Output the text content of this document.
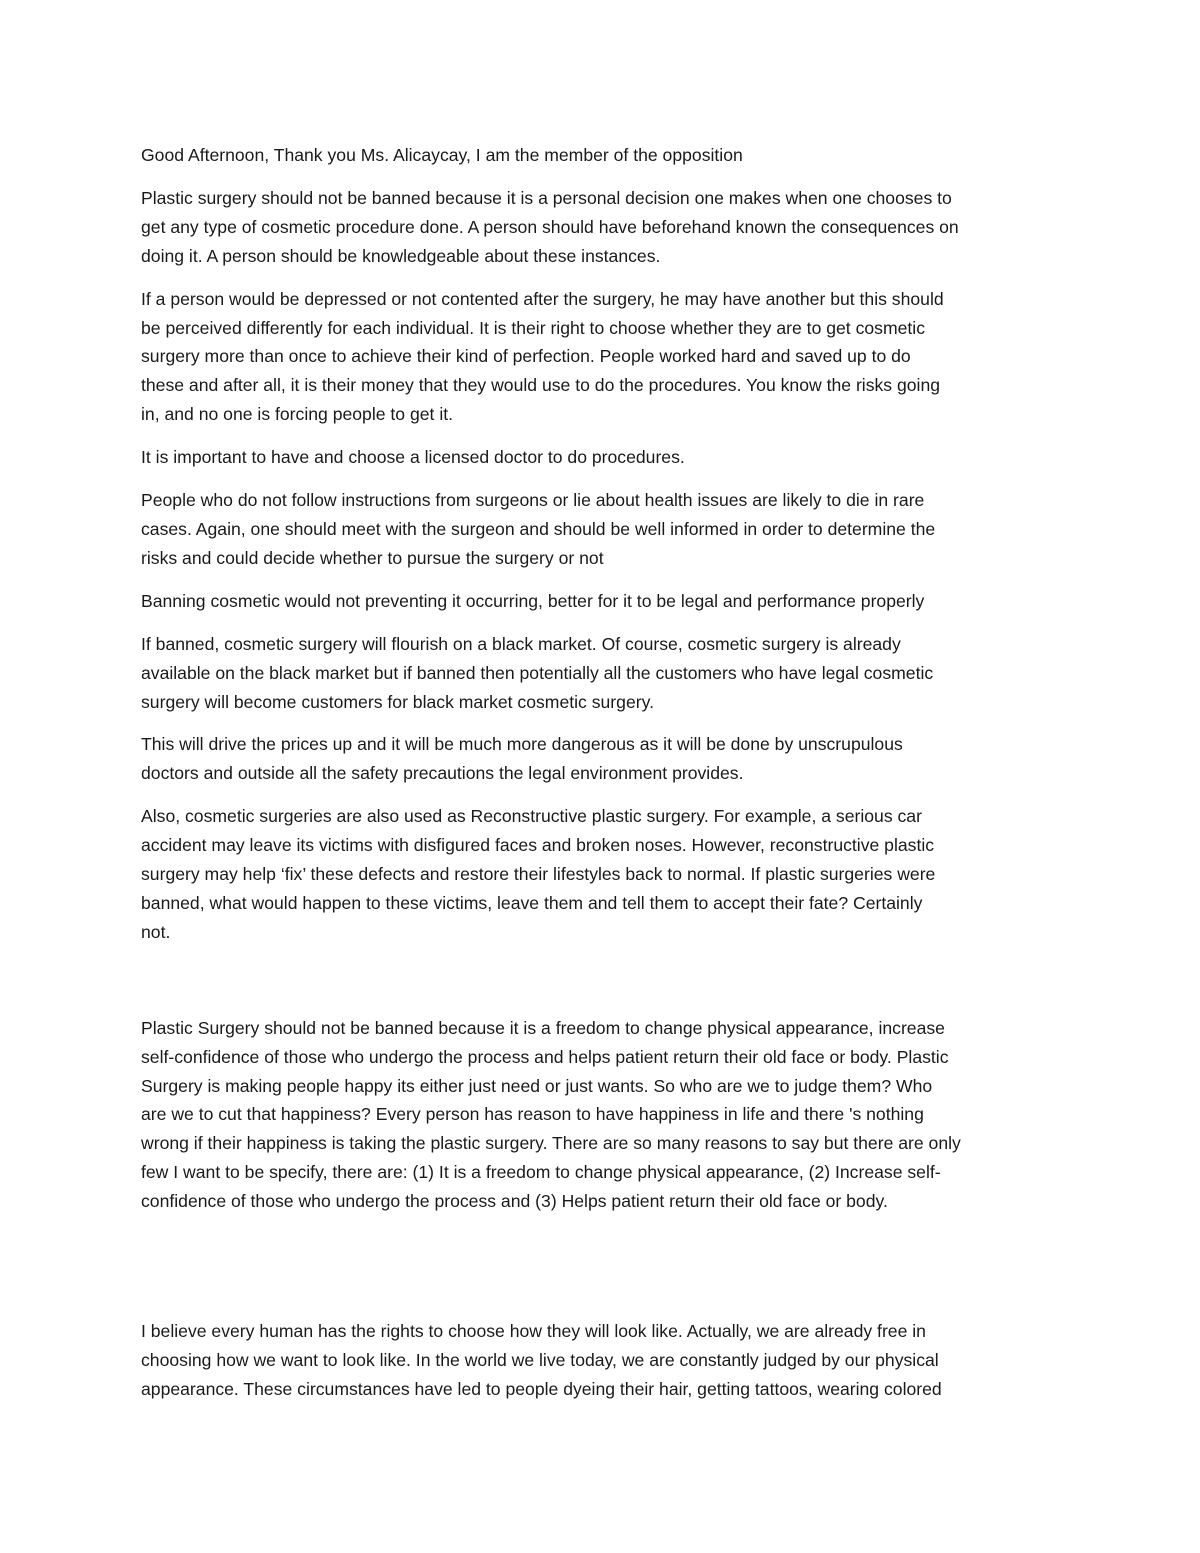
Good Afternoon, Thank you Ms. Alicaycay, I am the member of the opposition

Plastic surgery should not be banned because it is a personal decision one makes when one chooses to
get any type of cosmetic procedure done. A person should have beforehand known the consequences on
doing it. A person should be knowledgeable about these instances.

If a person would be depressed or not contented after the surgery, he may have another but this should
be perceived differently for each individual. It is their right to choose whether they are to get cosmetic
surgery more than once to achieve their kind of perfection. People worked hard and saved up to do
these and after all, it is their money that they would use to do the procedures. You know the risks going
in, and no one is forcing people to get it.

It is important to have and choose a licensed doctor to do procedures.

People who do not follow instructions from surgeons or lie about health issues are likely to die in rare
cases. Again, one should meet with the surgeon and should be well informed in order to determine the
risks and could decide whether to pursue the surgery or not

Banning cosmetic would not preventing it occurring, better for it to be legal and performance properly

If banned, cosmetic surgery will flourish on a black market. Of course, cosmetic surgery is already
available on the black market but if banned then potentially all the customers who have legal cosmetic
surgery will become customers for black market cosmetic surgery.

This will drive the prices up and it will be much more dangerous as it will be done by unscrupulous
doctors and outside all the safety precautions the legal environment provides.

Also, cosmetic surgeries are also used as Reconstructive plastic surgery. For example, a serious car
accident may leave its victims with disfigured faces and broken noses. However, reconstructive plastic
surgery may help ‘fix’ these defects and restore their lifestyles back to normal. If plastic surgeries were
banned, what would happen to these victims, leave them and tell them to accept their fate? Certainly
not.

Plastic Surgery should not be banned because it is a freedom to change physical appearance, increase
self-confidence of those who undergo the process and helps patient return their old face or body. Plastic
Surgery is making people happy its either just need or just wants. So who are we to judge them? Who
are we to cut that happiness? Every person has reason to have happiness in life and there 's nothing
wrong if their happiness is taking the plastic surgery. There are so many reasons to say but there are only
few I want to be specify, there are: (1) It is a freedom to change physical appearance, (2) Increase self-
confidence of those who undergo the process and (3) Helps patient return their old face or body.

I believe every human has the rights to choose how they will look like. Actually, we are already free in
choosing how we want to look like. In the world we live today, we are constantly judged by our physical
appearance. These circumstances have led to people dyeing their hair, getting tattoos, wearing colored
